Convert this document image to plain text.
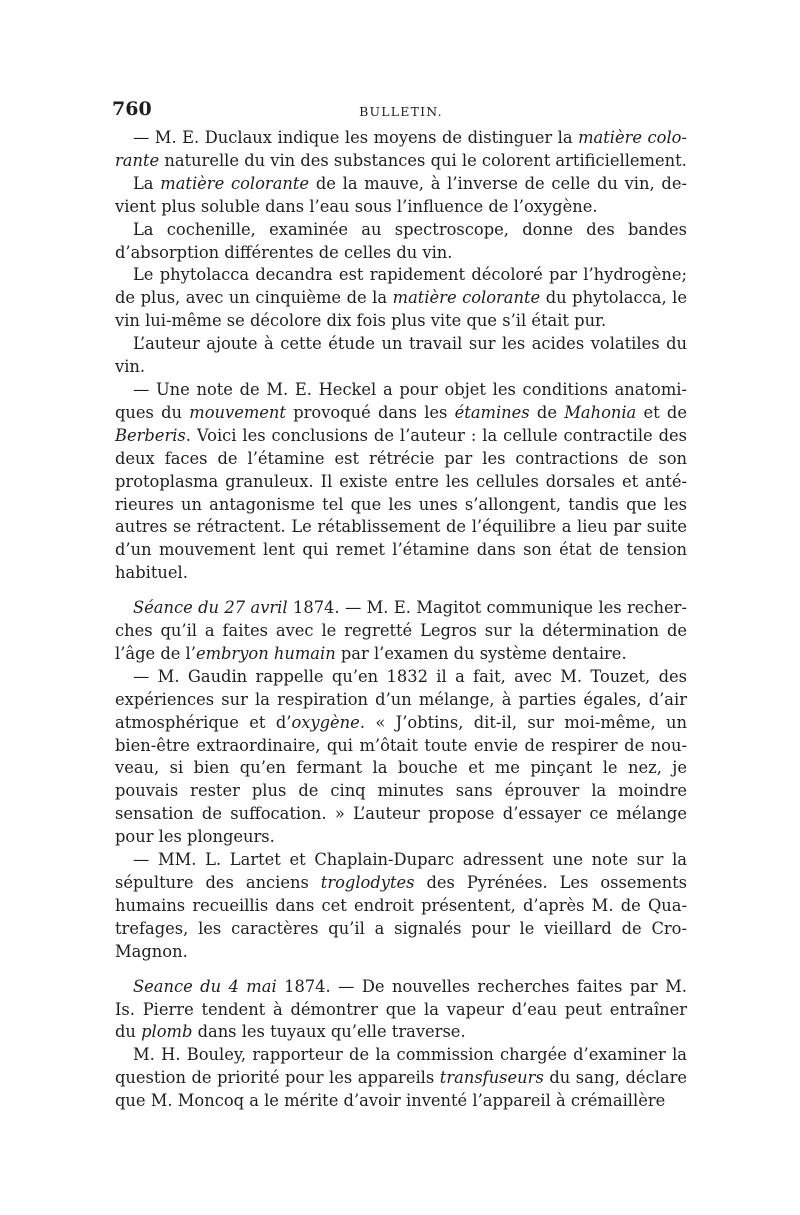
760	BULLETIN.

— M. E. Duclaux indique les moyens de distinguer la matière colorante naturelle du vin des substances qui le colorent artificiellement.

La matière colorante de la mauve, à l’inverse de celle du vin, devient plus soluble dans l’eau sous l’influence de l’oxygène.

La cochenille, examinée au spectroscope, donne des bandes d’absorption différentes de celles du vin.

Le phytolacca decandra est rapidement décoloré par l’hydrogène; de plus, avec un cinquième de la matière colorante du phytolacca, le vin lui-même se décolore dix fois plus vite que s’il était pur.

L’auteur ajoute à cette étude un travail sur les acides volatiles du vin.

— Une note de M. E. Heckel a pour objet les conditions anatomiques du mouvement provoqué dans les étamines de Mahonia et de Berberis. Voici les conclusions de l’auteur : la cellule contractile des deux faces de l’étamine est rétrécie par les contractions de son protoplasma granuleux. Il existe entre les cellules dorsales et antérieures un antagonisme tel que les unes s’allongent, tandis que les autres se rétractent. Le rétablissement de l’équilibre a lieu par suite d’un mouvement lent qui remet l’étamine dans son état de tension habituel.

Séance du 27 avril 1874. — M. E. Magitot communique les recherches qu’il a faites avec le regretté Legros sur la détermination de l’âge de l’embryon humain par l’examen du système dentaire.

— M. Gaudin rappelle qu’en 1832 il a fait, avec M. Touzet, des expériences sur la respiration d’un mélange, à parties égales, d’air atmosphérique et d’oxygène. « J’obtins, dit-il, sur moi-même, un bien-être extraordinaire, qui m’ôtait toute envie de respirer de nouveau, si bien qu’en fermant la bouche et me pinçant le nez, je pouvais rester plus de cinq minutes sans éprouver la moindre sensation de suffocation. » L’auteur propose d’essayer ce mélange pour les plongeurs.

— MM. L. Lartet et Chaplain-Duparc adressent une note sur la sépulture des anciens troglodytes des Pyrénées. Les ossements humains recueillis dans cet endroit présentent, d’après M. de Quatrefages, les caractères qu’il a signalés pour le vieillard de Cro-Magnon.

Seance du 4 mai 1874. — De nouvelles recherches faites par M. Is. Pierre tendent à démontrer que la vapeur d’eau peut entraîner du plomb dans les tuyaux qu’elle traverse.

M. H. Bouley, rapporteur de la commission chargée d’examiner la question de priorité pour les appareils transfuseurs du sang, déclare que M. Moncoq a le mérite d’avoir inventé l’appareil à crémaillère
